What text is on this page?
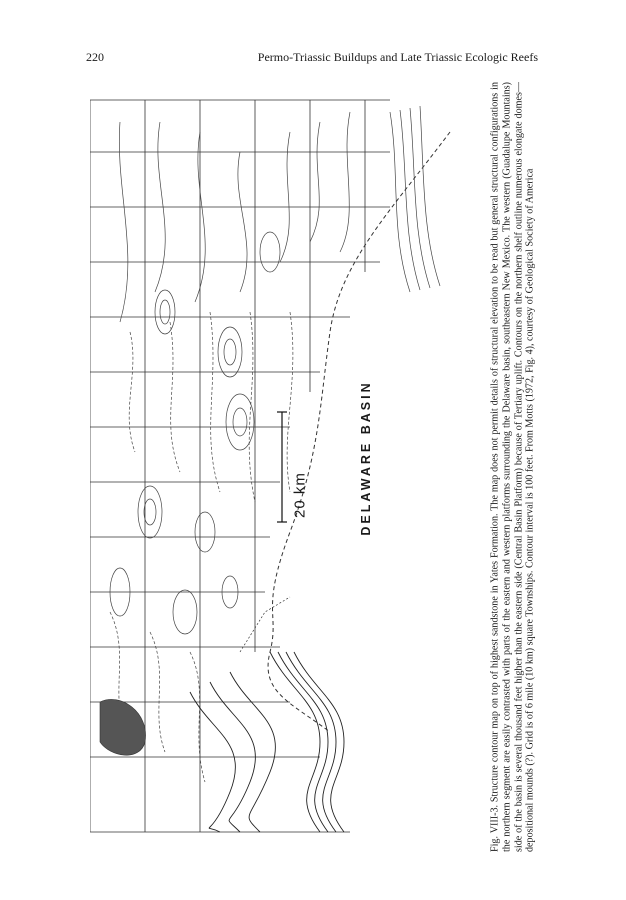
220	Permo-Triassic Buildups and Late Triassic Ecologic Reefs
20 km	DELAWARE BASIN	Fig. VIII-3. Structure contour map on top of highest sandstone in Yates Formation. The map does not permit details of structural elevation to be read but general structural configurations in the northern segment are easily contrasted with parts of the eastern and western platforms surrounding the Delaware basin, southeastern New Mexico. The western (Guadalupe Mountains) side of the basin is several thousand feet higher than the eastern side (Central Basin Platform) because of Tertiary uplift. Contours on the northern shelf outline numerous elongate domes—depositional mounds (?). Grid is of 6 mile (10 km) square Townships. Contour interval is 100 feet. From Motts (1972, Fig. 4), courtesy of Geological Society of America
